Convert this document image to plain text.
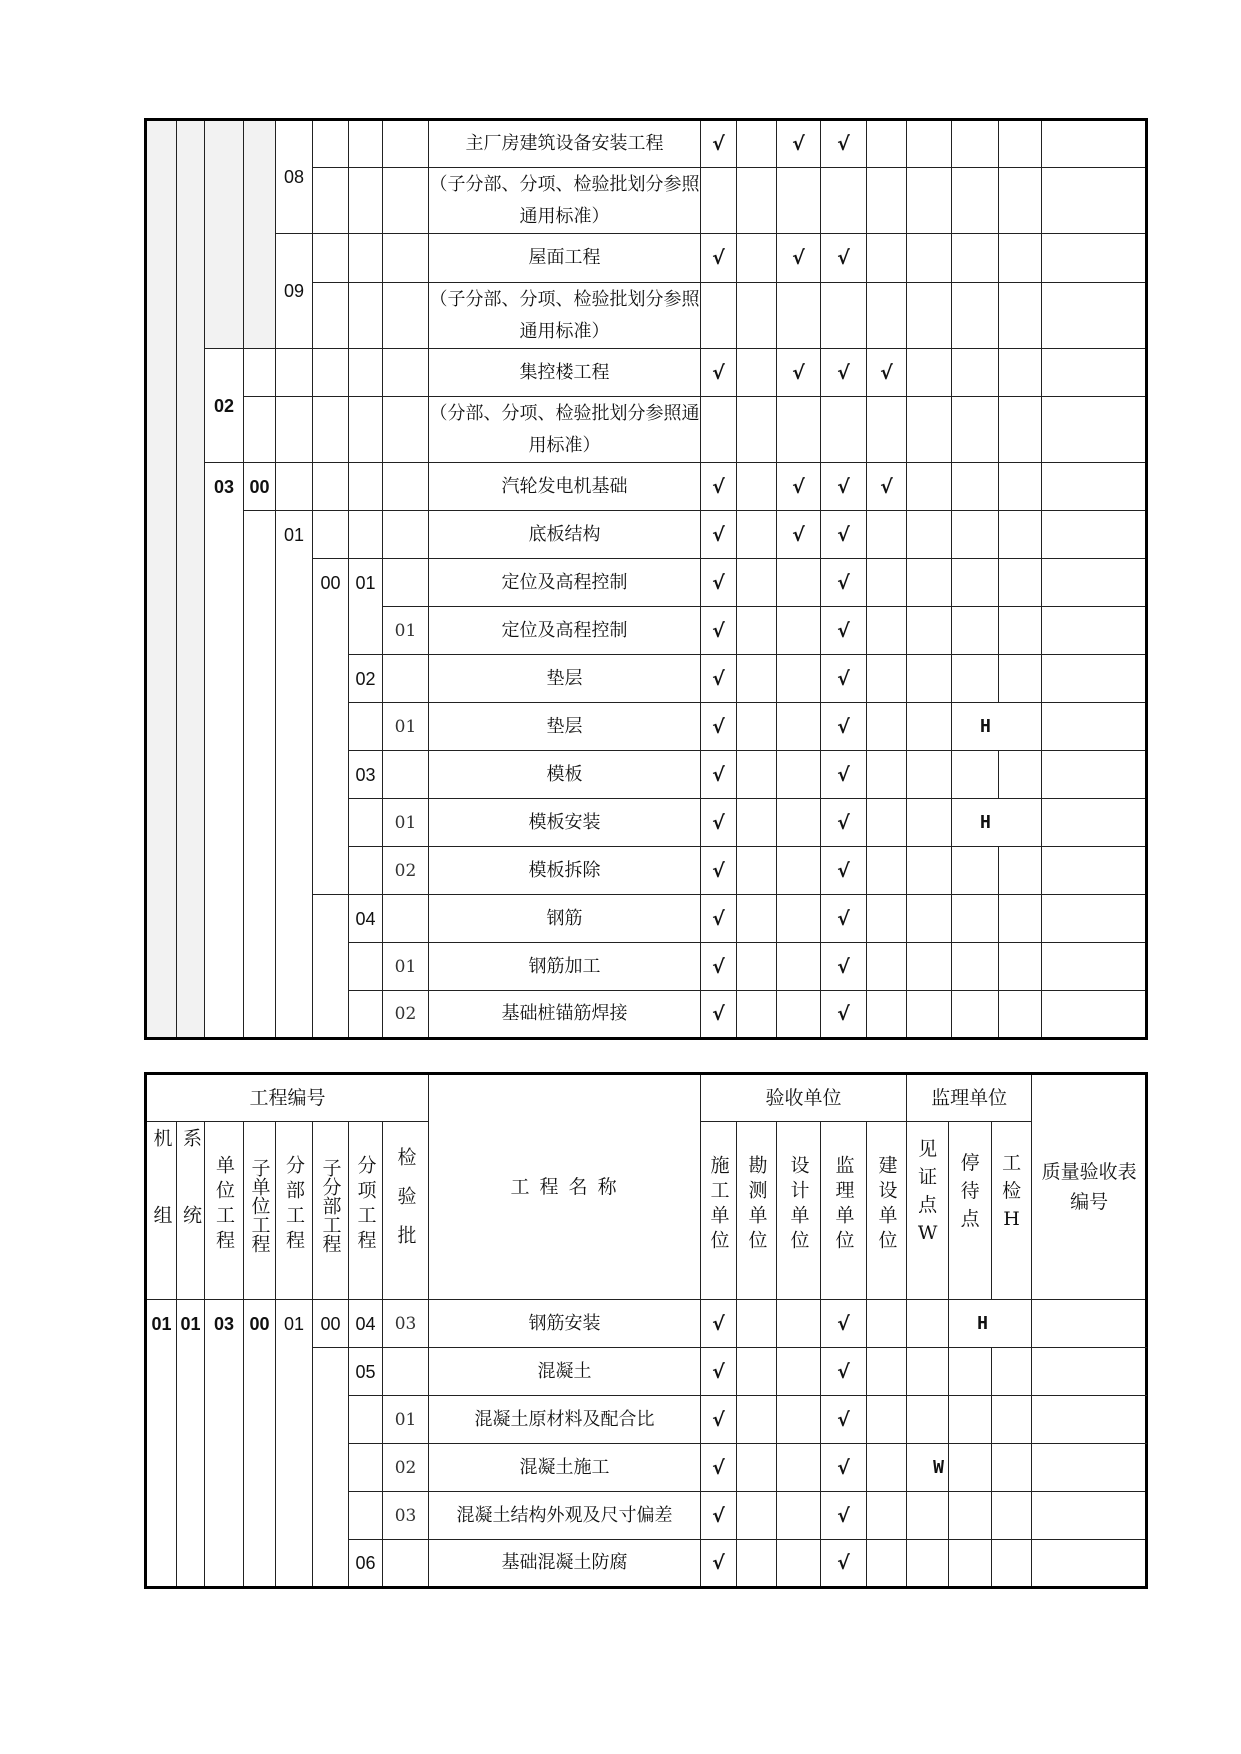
				08				主厂房建筑设备安装工程	√		√	√					
								（子分部、分项、检验批划分参照通用标准）									
				09				屋面工程	√		√	√					
								（子分部、分项、检验批划分参照通用标准）									
		02						集控楼工程	√		√	√	√				
								（分部、分项、检验批划分参照通用标准）									
		03	00					汽轮发电机基础	√		√	√	√				
				01				底板结构	√		√	√					
					00	01		定位及高程控制	√			√					
							01	定位及高程控制	√			√					
						02		垫层	√			√					
							01	垫层	√			√			H		
						03		模板	√			√					
							01	模板安装	√			√			H		
							02	模板拆除	√			√					
						04		钢筋	√			√					
							01	钢筋加工	√			√					
							02	基础桩锚筋焊接	√			√					
工程编号								工 程 名 称	验收单位					监理单位			质量验收表编号	
机组	系统	单位工程	子单位工程	分部工程	子分部工程	分项工程	检验批		施工单位	勘测单位	设计单位	监理单位	建设单位	见 证 点 W	停 待 点	工 检 H	
01	01	03	00	01	00	04	03	钢筋安装	√			√			H			
						05		混凝土	√			√						
							01	混凝土原材料及配合比	√			√						
							02	混凝土施工	√			√		W				
							03	混凝土结构外观及尺寸偏差	√			√						
						06		基础混凝土防腐	√			√						
